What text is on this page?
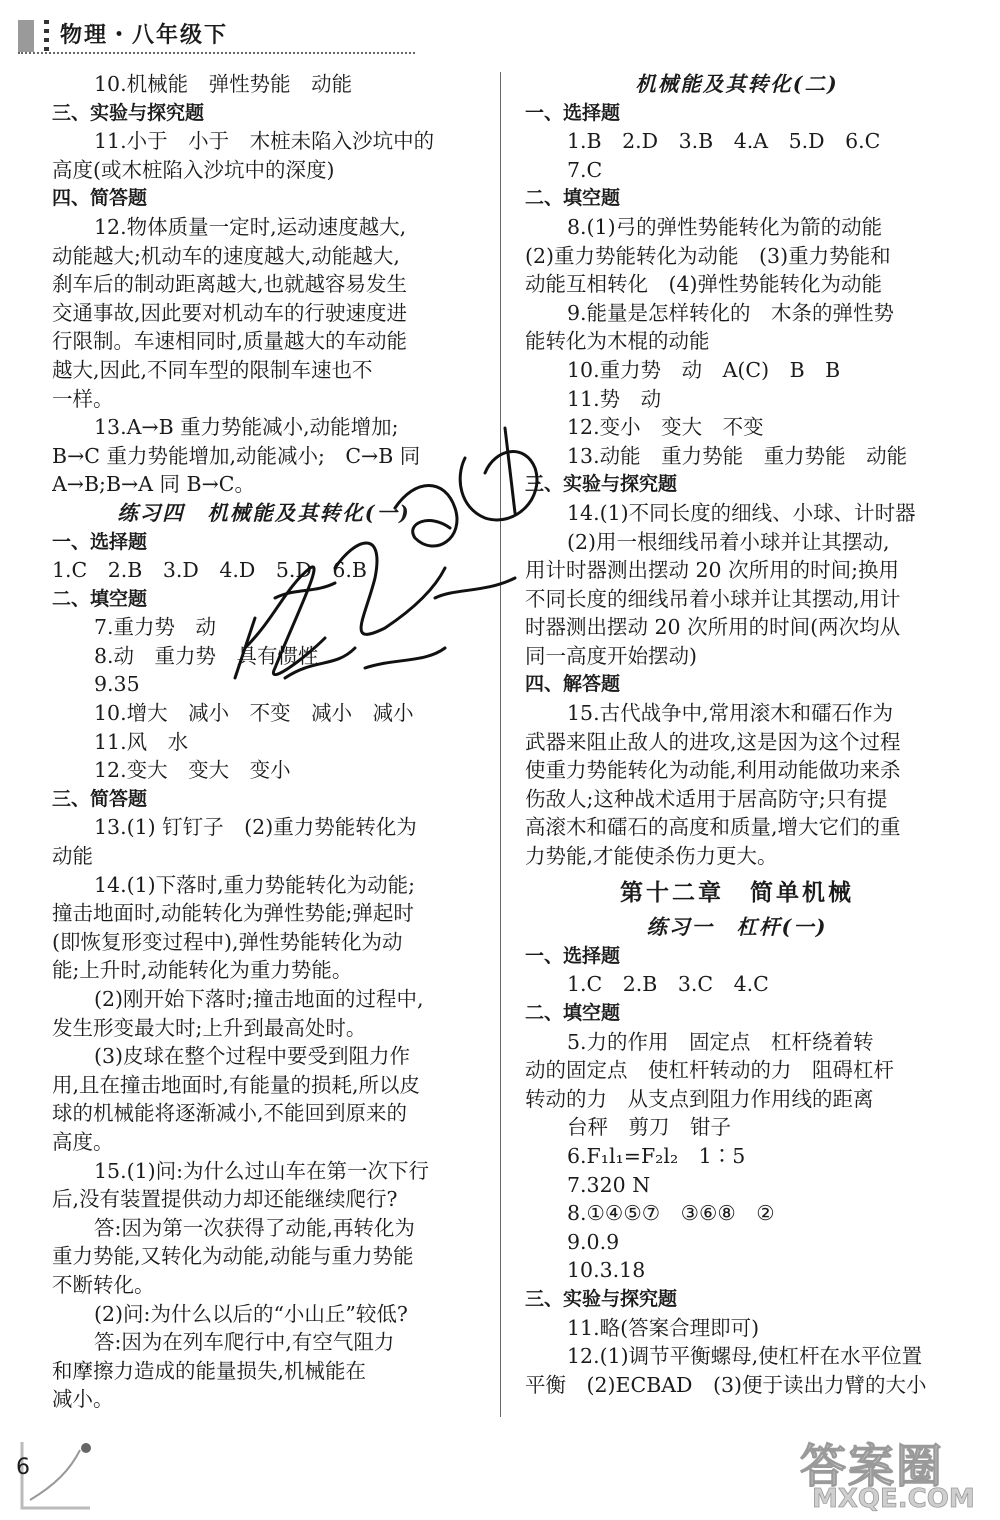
物理・八年级下
10.机械能　弹性势能　动能
三、实验与探究题
11.小于　小于　木桩未陷入沙坑中的
高度(或木桩陷入沙坑中的深度)
四、简答题
12.物体质量一定时,运动速度越大,
动能越大;机动车的速度越大,动能越大,
刹车后的制动距离越大,也就越容易发生
交通事故,因此要对机动车的行驶速度进
行限制。车速相同时,质量越大的车动能
越大,因此,不同车型的限制车速也不
一样。
13.A→B 重力势能减小,动能增加;
B→C 重力势能增加,动能减小;　C→B 同
A→B;B→A 同 B→C。
练习四　机械能及其转化(一)
一、选择题
1.C　2.B　3.D　4.D　5.D　6.B
二、填空题
7.重力势　动
8.动　重力势　具有惯性
9.35
10.增大　减小　不变　减小　减小
11.风　水
12.变大　变大　变小
三、简答题
13.(1) 钉钉子　(2)重力势能转化为
动能
14.(1)下落时,重力势能转化为动能;
撞击地面时,动能转化为弹性势能;弹起时
(即恢复形变过程中),弹性势能转化为动
能;上升时,动能转化为重力势能。
(2)刚开始下落时;撞击地面的过程中,
发生形变最大时;上升到最高处时。
(3)皮球在整个过程中要受到阻力作
用,且在撞击地面时,有能量的损耗,所以皮
球的机械能将逐渐减小,不能回到原来的
高度。
15.(1)问:为什么过山车在第一次下行
后,没有装置提供动力却还能继续爬行?
答:因为第一次获得了动能,再转化为
重力势能,又转化为动能,动能与重力势能
不断转化。
(2)问:为什么以后的“小山丘”较低?
答:因为在列车爬行中,有空气阻力
和摩擦力造成的能量损失,机械能在
减小。
机械能及其转化(二)
一、选择题
1.B　2.D　3.B　4.A　5.D　6.C
7.C
二、填空题
8.(1)弓的弹性势能转化为箭的动能
(2)重力势能转化为动能　(3)重力势能和
动能互相转化　(4)弹性势能转化为动能
9.能量是怎样转化的　木条的弹性势
能转化为木棍的动能
10.重力势　动　A(C)　B　B
11.势　动
12.变小　变大　不变
13.动能　重力势能　重力势能　动能
三、实验与探究题
14.(1)不同长度的细线、小球、计时器
(2)用一根细线吊着小球并让其摆动,
用计时器测出摆动 20 次所用的时间;换用
不同长度的细线吊着小球并让其摆动,用计
时器测出摆动 20 次所用的时间(两次均从
同一高度开始摆动)
四、解答题
15.古代战争中,常用滚木和礌石作为
武器来阻止敌人的进攻,这是因为这个过程
使重力势能转化为动能,利用动能做功来杀
伤敌人;这种战术适用于居高防守;只有提
高滚木和礌石的高度和质量,增大它们的重
力势能,才能使杀伤力更大。
第十二章　简单机械
练习一　杠杆(一)
一、选择题
1.C　2.B　3.C　4.C
二、填空题
5.力的作用　固定点　杠杆绕着转
动的固定点　使杠杆转动的力　阻碍杠杆
转动的力　从支点到阻力作用线的距离
台秤　剪刀　钳子
6.F₁l₁=F₂l₂　1∶5
7.320 N
8.①④⑤⑦　③⑥⑧　②
9.0.9
10.3.18
三、实验与探究题
11.略(答案合理即可)
12.(1)调节平衡螺母,使杠杆在水平位置
平衡　(2)ECBAD　(3)便于读出力臂的大小
6	答案圈
MXQE.COM
